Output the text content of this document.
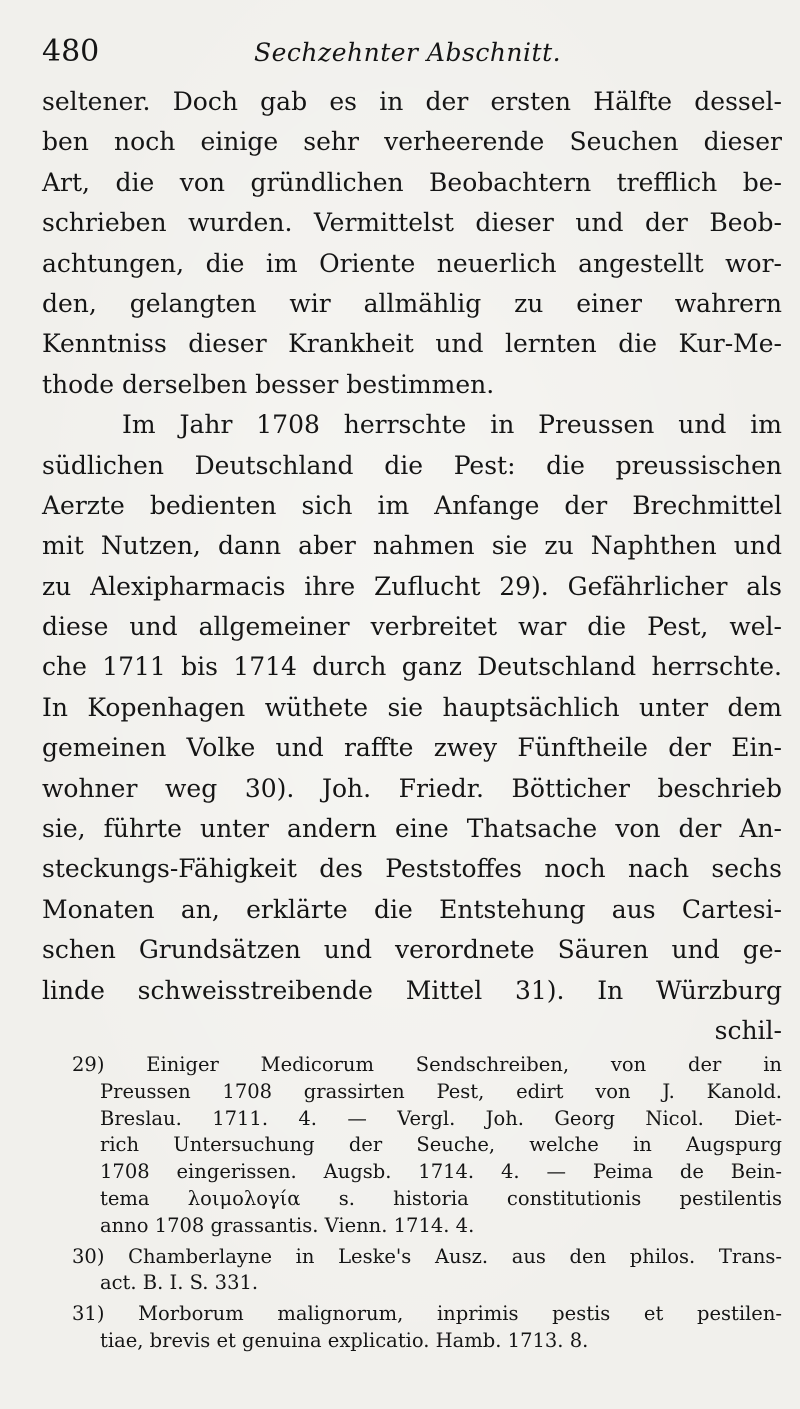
480	Sechzehnter Abschnitt.
seltener. Doch gab es in der ersten Hälfte dessel-
ben noch einige sehr verheerende Seuchen dieser
Art, die von gründlichen Beobachtern trefflich be-
schrieben wurden. Vermittelst dieser und der Beob-
achtungen, die im Oriente neuerlich angestellt wor-
den, gelangten wir allmählig zu einer wahrern
Kenntniss dieser Krankheit und lernten die Kur-Me-
thode derselben besser bestimmen.
Im Jahr 1708 herrschte in Preussen und im
südlichen Deutschland die Pest: die preussischen
Aerzte bedienten sich im Anfange der Brechmittel
mit Nutzen, dann aber nahmen sie zu Naphthen und
zu Alexipharmacis ihre Zuflucht 29). Gefährlicher als
diese und allgemeiner verbreitet war die Pest, wel-
che 1711 bis 1714 durch ganz Deutschland herrschte.
In Kopenhagen wüthete sie hauptsächlich unter dem
gemeinen Volke und raffte zwey Fünftheile der Ein-
wohner weg 30). Joh. Friedr. Bötticher beschrieb
sie, führte unter andern eine Thatsache von der An-
steckungs-Fähigkeit des Peststoffes noch nach sechs
Monaten an, erklärte die Entstehung aus Cartesi-
schen Grundsätzen und verordnete Säuren und ge-
linde schweisstreibende Mittel 31). In Würzburg
schil-
29) Einiger Medicorum Sendschreiben, von der in
Preussen 1708 grassirten Pest, edirt von J. Kanold.
Breslau. 1711. 4. — Vergl. Joh. Georg Nicol. Diet-
rich Untersuchung der Seuche, welche in Augspurg
1708 eingerissen. Augsb. 1714. 4. — Peima de Bein-
tema λοιμολογία s. historia constitutionis pestilentis
anno 1708 grassantis. Vienn. 1714. 4.
30) Chamberlayne in Leske's Ausz. aus den philos. Trans-
act. B. I. S. 331.
31) Morborum malignorum, inprimis pestis et pestilen-
tiae, brevis et genuina explicatio. Hamb. 1713. 8.
